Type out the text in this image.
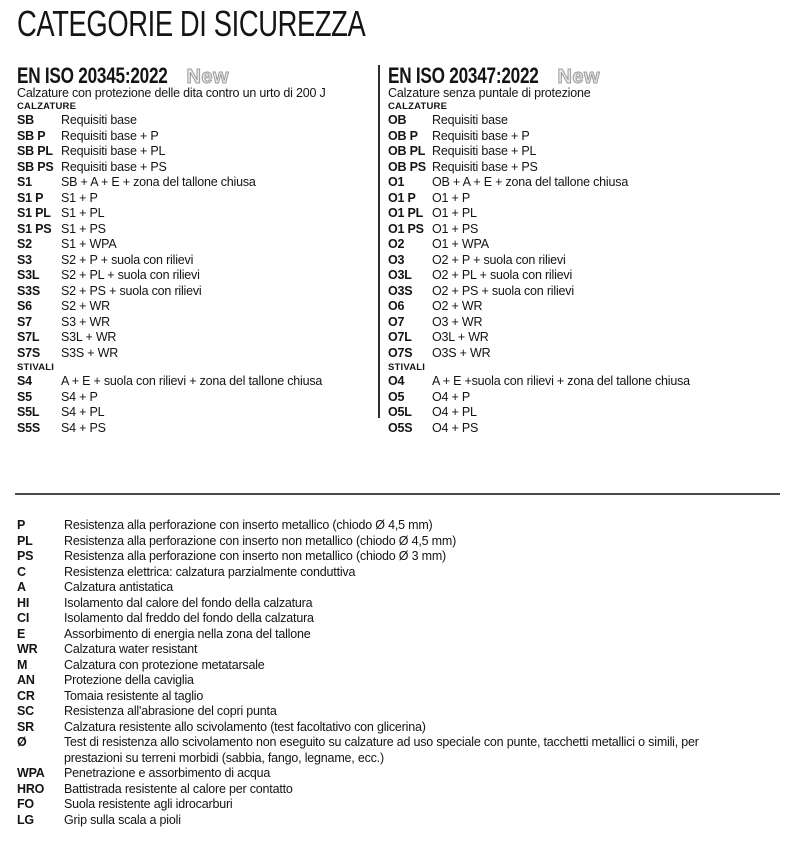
CATEGORIE DI SICUREZZA
EN ISO 20345:2022 New
Calzature con protezione delle dita contro un urto di 200 J
CALZATURE
SB	Requisiti base
SB P	Requisiti base + P
SB PL Requisiti base + PL
SB PS Requisiti base + PS
S1	SB + A + E + zona del tallone chiusa
S1 P	S1 + P
S1 PL S1 + PL
S1 PS S1 + PS
S2	S1 + WPA
S3	S2 + P + suola con rilievi
S3L	S2 + PL + suola con rilievi
S3S	S2 + PS + suola con rilievi
S6	S2 + WR
S7	S3 + WR
S7L	S3L + WR
S7S	S3S + WR
STIVALI
S4	A + E + suola con rilievi + zona del tallone chiusa
S5	S4 + P
S5L	S4 + PL
S5S	S4 + PS
EN ISO 20347:2022 New
Calzature senza puntale di protezione
CALZATURE
OB	Requisiti base
OB P	Requisiti base + P
OB PL Requisiti base + PL
OB PS Requisiti base + PS
O1	OB + A + E + zona del tallone chiusa
O1 P	O1 + P
O1 PL O1 + PL
O1 PS O1 + PS
O2	O1 + WPA
O3	O2 + P + suola con rilievi
O3L	O2 + PL + suola con rilievi
O3S	O2 + PS + suola con rilievi
O6	O2 + WR
O7	O3 + WR
O7L	O3L + WR
O7S	O3S + WR
STIVALI
O4	A + E +suola con rilievi + zona del tallone chiusa
O5	O4 + P
O5L	O4 + PL
O5S	O4 + PS
P	Resistenza alla perforazione con inserto metallico (chiodo Ø 4,5 mm)
PL	Resistenza alla perforazione con inserto non metallico (chiodo Ø 4,5 mm)
PS	Resistenza alla perforazione con inserto non metallico (chiodo Ø 3 mm)
C	Resistenza elettrica: calzatura parzialmente conduttiva
A	Calzatura antistatica
HI	Isolamento dal calore del fondo della calzatura
CI	Isolamento dal freddo del fondo della calzatura
E	Assorbimento di energia nella zona del tallone
WR	Calzatura water resistant
M	Calzatura con protezione metatarsale
AN	Protezione della caviglia
CR	Tomaia resistente al taglio
SC	Resistenza all'abrasione del copri punta
SR	Calzatura resistente allo scivolamento (test facoltativo con glicerina)
Ø	Test di resistenza allo scivolamento non eseguito su calzature ad uso speciale con punte, tacchetti metallici o simili, per prestazioni su terreni morbidi (sabbia, fango, legname, ecc.)
WPA	Penetrazione e assorbimento di acqua
HRO	Battistrada resistente al calore per contatto
FO	Suola resistente agli idrocarburi
LG	Grip sulla scala a pioli
